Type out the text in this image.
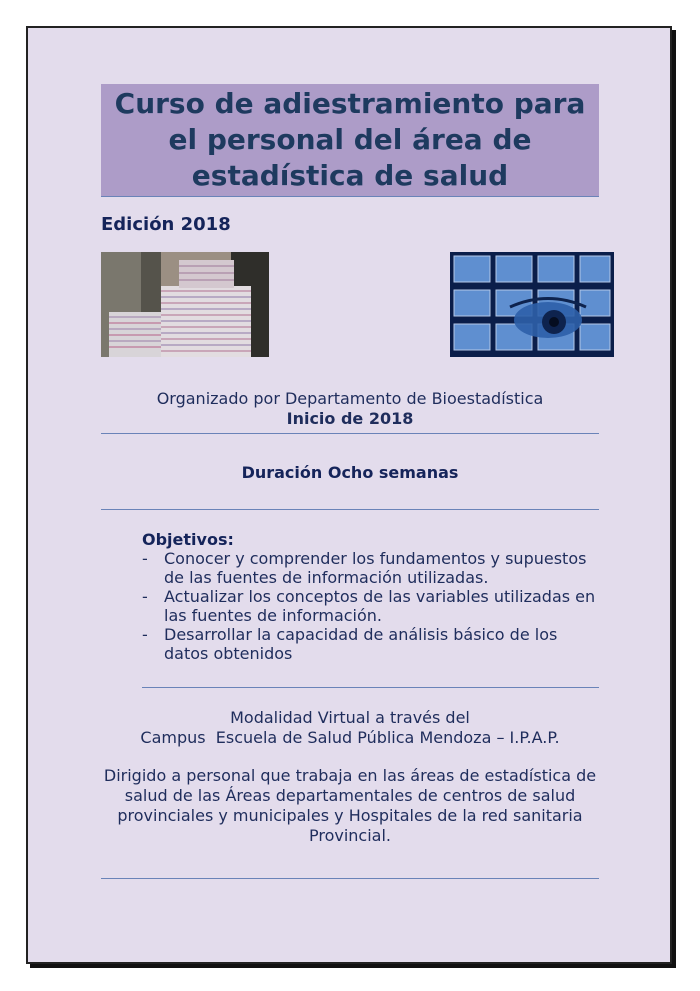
Curso de adiestramiento para el personal del área de estadística de salud
Edición 2018
Organizado por Departamento de Bioestadística
Inicio de 2018
Duración Ocho semanas
Objetivos:
- Conocer y comprender los fundamentos y supuestos de las fuentes de información utilizadas.
- Actualizar los conceptos de las variables utilizadas en las fuentes de información.
- Desarrollar la capacidad de análisis básico de los datos obtenidos
Modalidad Virtual a través del
Campus  Escuela de Salud Pública Mendoza – I.P.A.P.
Dirigido a personal que trabaja en las áreas de estadística de salud de las Áreas departamentales de centros de salud provinciales y municipales y Hospitales de la red sanitaria Provincial.
